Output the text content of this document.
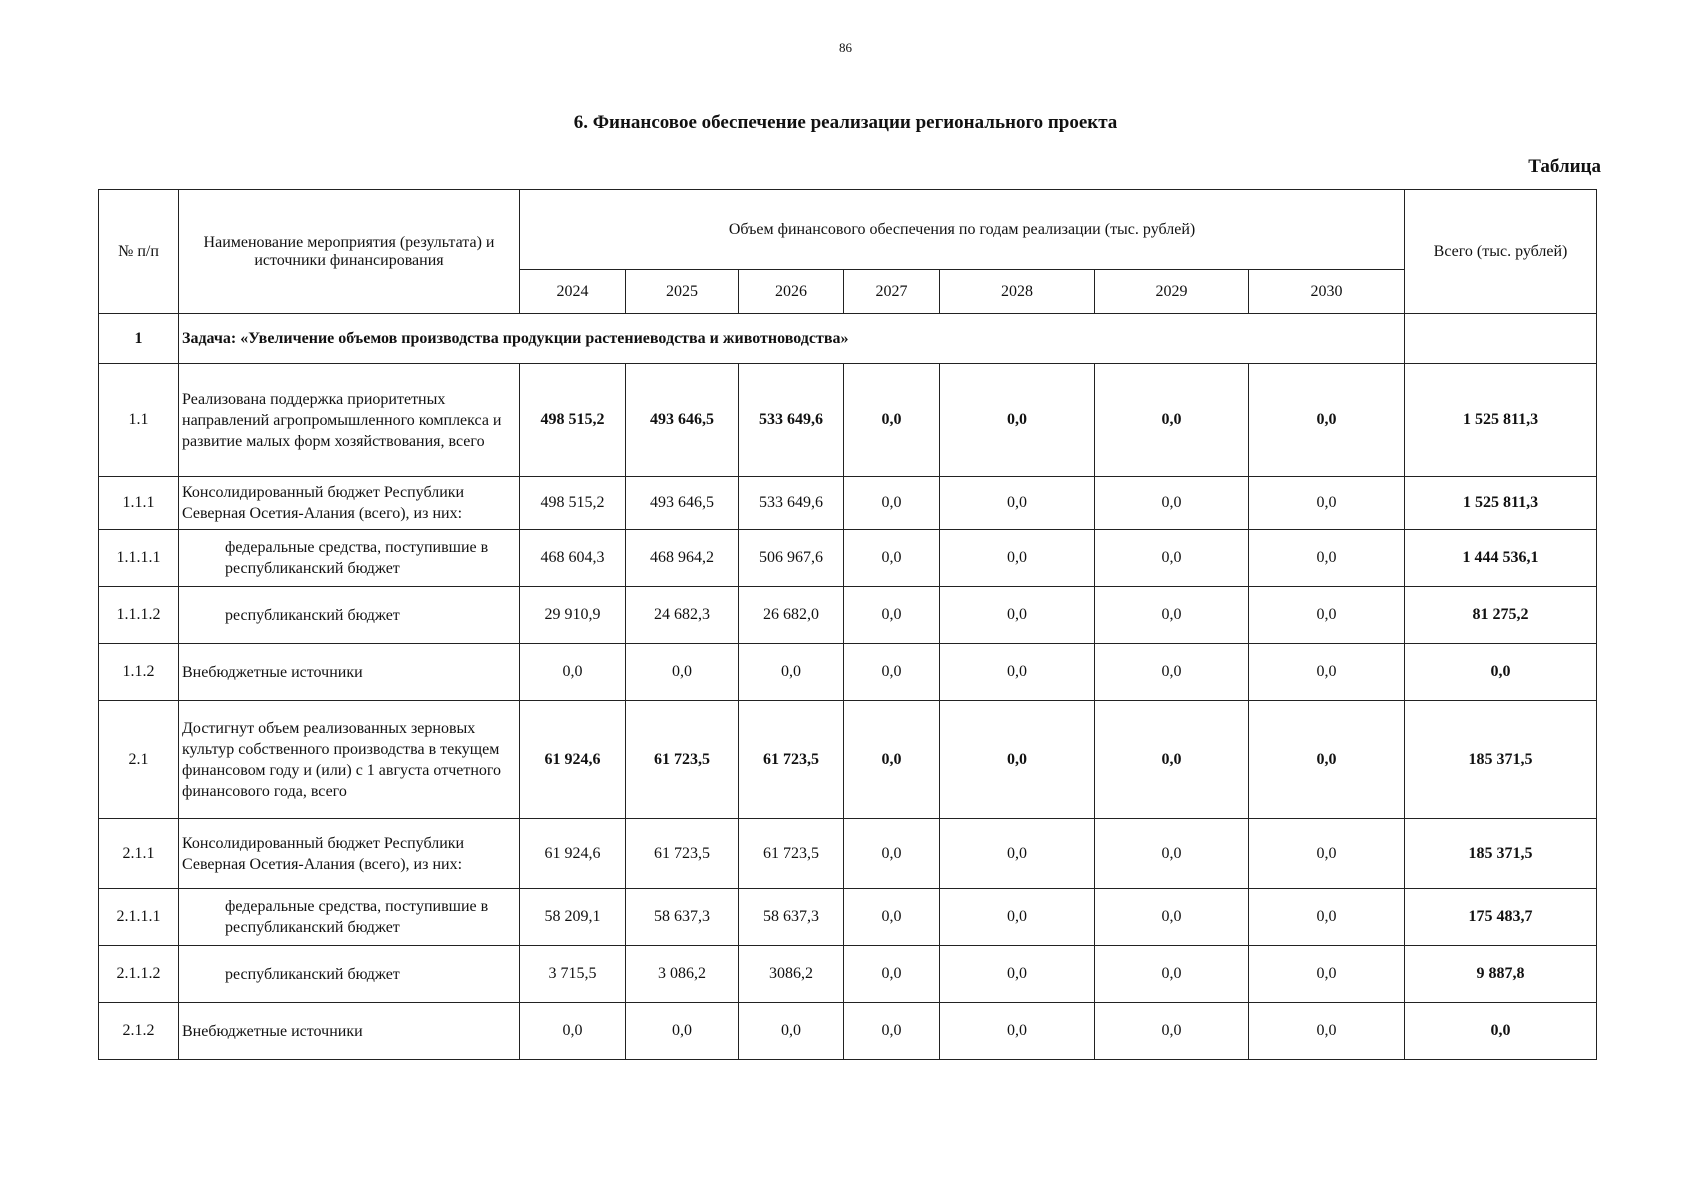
86
6. Финансовое обеспечение реализации регионального проекта
Таблица
№ п/п	Наименование мероприятия (результата) и источники финансирования	Объем финансового обеспечения по годам реализации (тыс. рублей)							Всего (тыс. рублей)
		2024	2025	2026	2027	2028	2029	2030	
1	Задача: «Увеличение объемов производства продукции растениеводства и животноводства»								
1.1	Реализована поддержка приоритетных направлений агропромышленного комплекса и развитие малых форм хозяйствования, всего	498 515,2	493 646,5	533 649,6	0,0	0,0	0,0	0,0	1 525 811,3
1.1.1	Консолидированный бюджет Республики Северная Осетия-Алания (всего), из них:	498 515,2	493 646,5	533 649,6	0,0	0,0	0,0	0,0	1 525 811,3
1.1.1.1	федеральные средства, поступившие в республиканский бюджет	468 604,3	468 964,2	506 967,6	0,0	0,0	0,0	0,0	1 444 536,1
1.1.1.2	республиканский бюджет	29 910,9	24 682,3	26 682,0	0,0	0,0	0,0	0,0	81 275,2
1.1.2	Внебюджетные источники	0,0	0,0	0,0	0,0	0,0	0,0	0,0	0,0
2.1	Достигнут объем реализованных зерновых культур собственного производства в текущем финансовом году и (или) с 1 августа отчетного финансового года, всего	61 924,6	61 723,5	61 723,5	0,0	0,0	0,0	0,0	185 371,5
2.1.1	Консолидированный бюджет Республики Северная Осетия-Алания (всего), из них:	61 924,6	61 723,5	61 723,5	0,0	0,0	0,0	0,0	185 371,5
2.1.1.1	федеральные средства, поступившие в республиканский бюджет	58 209,1	58 637,3	58 637,3	0,0	0,0	0,0	0,0	175 483,7
2.1.1.2	республиканский бюджет	3 715,5	3 086,2	3086,2	0,0	0,0	0,0	0,0	9 887,8
2.1.2	Внебюджетные источники	0,0	0,0	0,0	0,0	0,0	0,0	0,0	0,0
